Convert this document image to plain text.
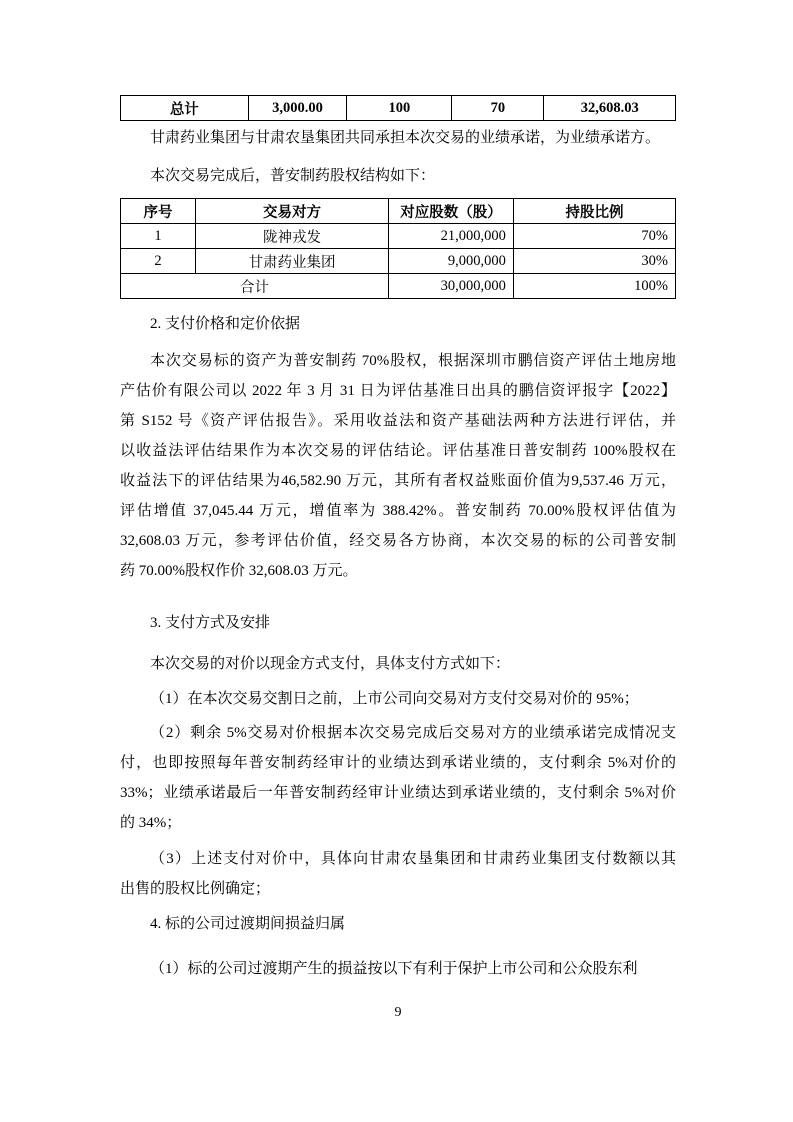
总计	3,000.00	100	70	32,608.03
甘肃药业集团与甘肃农垦集团共同承担本次交易的业绩承诺，为业绩承诺方。
本次交易完成后，普安制药股权结构如下：
序号	交易对方	对应股数（股）	持股比例
1	陇神戎发	21,000,000	70%
2	甘肃药业集团	9,000,000	30%
合计		30,000,000	100%
2. 支付价格和定价依据
本次交易标的资产为普安制药 70%股权，根据深圳市鹏信资产评估土地房地
产估价有限公司以 2022 年 3 月 31 日为评估基准日出具的鹏信资评报字【2022】
第 S152 号《资产评估报告》。采用收益法和资产基础法两种方法进行评估，并
以收益法评估结果作为本次交易的评估结论。评估基准日普安制药 100%股权在
收益法下的评估结果为46,582.90 万元，其所有者权益账面价值为9,537.46 万元，
评估增值 37,045.44 万元，增值率为 388.42%。普安制药 70.00%股权评估值为
32,608.03 万元，参考评估价值，经交易各方协商，本次交易的标的公司普安制
药 70.00%股权作价 32,608.03 万元。
3. 支付方式及安排
本次交易的对价以现金方式支付，具体支付方式如下：
（1）在本次交易交割日之前，上市公司向交易对方支付交易对价的 95%；
（2）剩余 5%交易对价根据本次交易完成后交易对方的业绩承诺完成情况支
付，也即按照每年普安制药经审计的业绩达到承诺业绩的，支付剩余 5%对价的
33%；业绩承诺最后一年普安制药经审计业绩达到承诺业绩的，支付剩余 5%对价
的 34%；
（3）上述支付对价中，具体向甘肃农垦集团和甘肃药业集团支付数额以其
出售的股权比例确定；
4. 标的公司过渡期间损益归属
（1）标的公司过渡期产生的损益按以下有利于保护上市公司和公众股东利
9
